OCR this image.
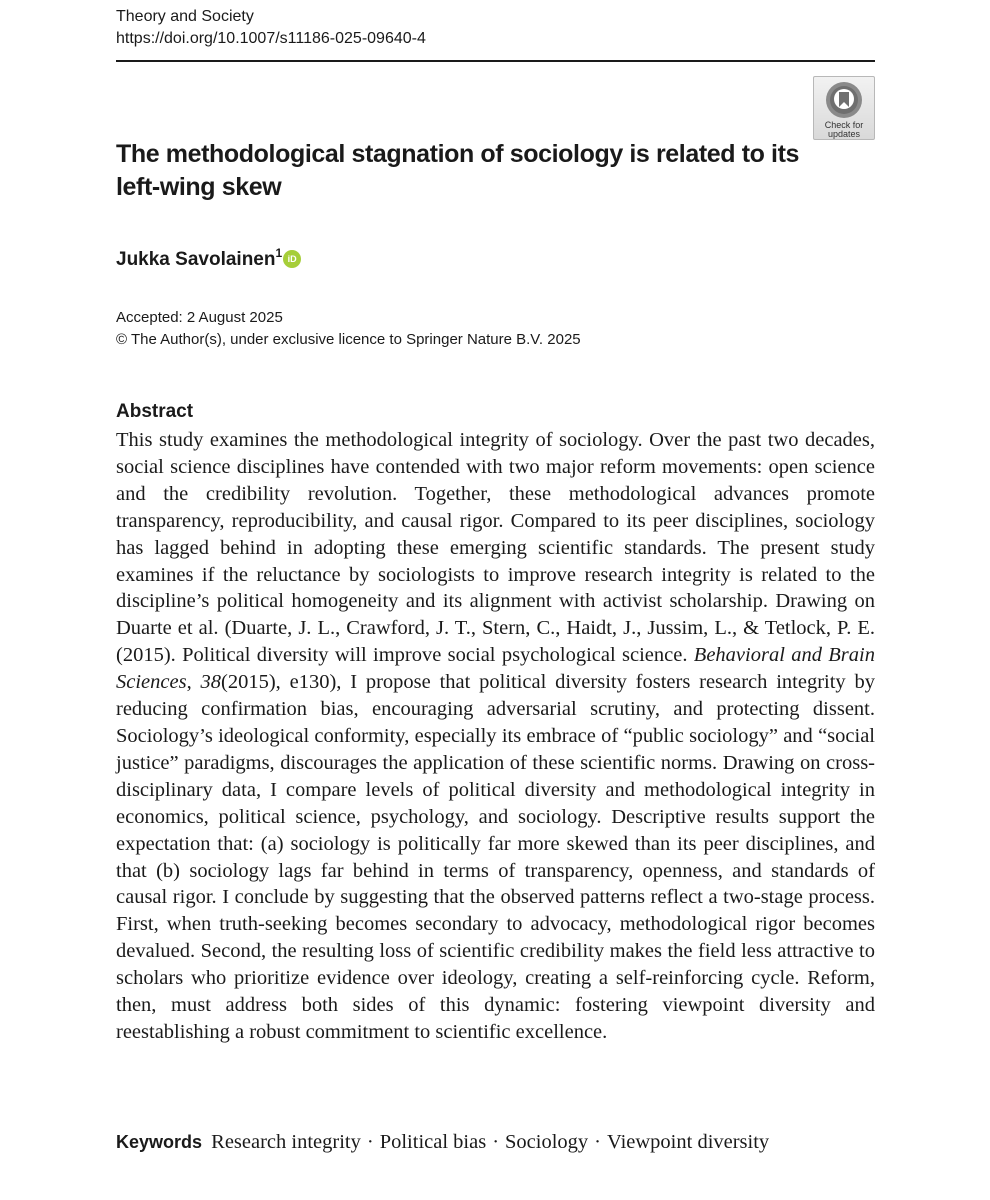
Theory and Society
https://doi.org/10.1007/s11186-025-09640-4
Check for
updates
The methodological stagnation of sociology is related to its left-wing skew
Jukka Savolainen$^1$ iD
Accepted: 2 August 2025
© The Author(s), under exclusive licence to Springer Nature B.V. 2025
Abstract

This study examines the methodological integrity of sociology. Over the past two decades, social science disciplines have contended with two major reform movements: open science and the credibility revolution. Together, these methodological advances promote transparency, reproducibility, and causal rigor. Compared to its peer disciplines, sociology has lagged behind in adopting these emerging scientific standards. The present study examines if the reluctance by sociologists to improve research integrity is related to the discipline’s political homogeneity and its alignment with activist scholarship. Drawing on Duarte et al. (Duarte, J. L., Crawford, J. T., Stern, C., Haidt, J., Jussim, L., & Tetlock, P. E. (2015). Political diversity will improve social psychological science. Behavioral and Brain Sciences, 38(2015), e130), I propose that political diversity fosters research integrity by reducing confirmation bias, encouraging adversarial scrutiny, and protecting dissent. Sociology’s ideological conformity, especially its embrace of “public sociology” and “social justice” paradigms, discourages the application of these scientific norms. Drawing on cross-disciplinary data, I compare levels of political diversity and methodological integrity in economics, political science, psychology, and sociology. Descriptive results support the expectation that: (a) sociology is politically far more skewed than its peer disciplines, and that (b) sociology lags far behind in terms of transparency, openness, and standards of causal rigor. I conclude by suggesting that the observed patterns reflect a two-stage process. First, when truth-seeking becomes secondary to advocacy, methodological rigor becomes devalued. Second, the resulting loss of scientific credibility makes the field less attractive to scholars who prioritize evidence over ideology, creating a self-reinforcing cycle. Reform, then, must address both sides of this dynamic: fostering viewpoint diversity and reestablishing a robust commitment to scientific excellence.

Keywords Research integrity · Political bias · Sociology · Viewpoint diversity
